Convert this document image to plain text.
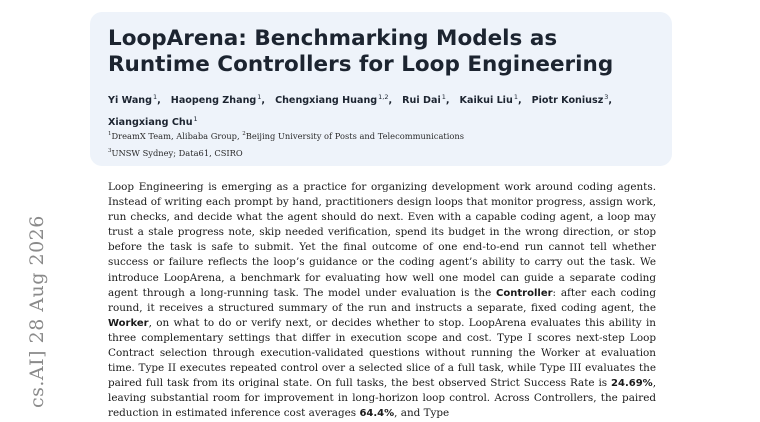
cs.AI] 28 Aug 2026
LoopArena: Benchmarking Models as Runtime Controllers for Loop Engineering
Yi Wang$^1$, Haopeng Zhang$^1$, Chengxiang Huang$^{1,2}$, Rui Dai$^1$, Kaikui Liu$^1$, Piotr Koniusz$^3$,Xiangxiang Chu$^1$
$^1$DreamX Team, Alibaba Group, $^2$Beijing University of Posts and Telecommunications
$^3$UNSW Sydney; Data61, CSIRO

Loop Engineering is emerging as a practice for organizing development work around coding agents. Instead of writing each prompt by hand, practitioners design loops that monitor progress, assign work, run checks, and decide what the agent should do next. Even with a capable coding agent, a loop may trust a stale progress note, skip needed verification, spend its budget in the wrong direction, or stop before the task is safe to submit. Yet the final outcome of one end-to-end run cannot tell whether success or failure reflects the loop’s guidance or the coding agent’s ability to carry out the task. We introduce LoopArena, a benchmark for evaluating how well one model can guide a separate coding agent through a long-running task. The model under evaluation is the Controller: after each coding round, it receives a structured summary of the run and instructs a separate, fixed coding agent, the Worker, on what to do or verify next, or decides whether to stop. LoopArena evaluates this ability in three complementary settings that differ in execution scope and cost. Type I scores next-step Loop Contract selection through execution-validated questions without running the Worker at evaluation time. Type II executes repeated control over a selected slice of a full task, while Type III evaluates the paired full task from its original state. On full tasks, the best observed Strict Success Rate is 24.69%, leaving substantial room for improvement in long-horizon loop control. Across Controllers, the paired reduction in estimated inference cost averages 64.4%, and Type
